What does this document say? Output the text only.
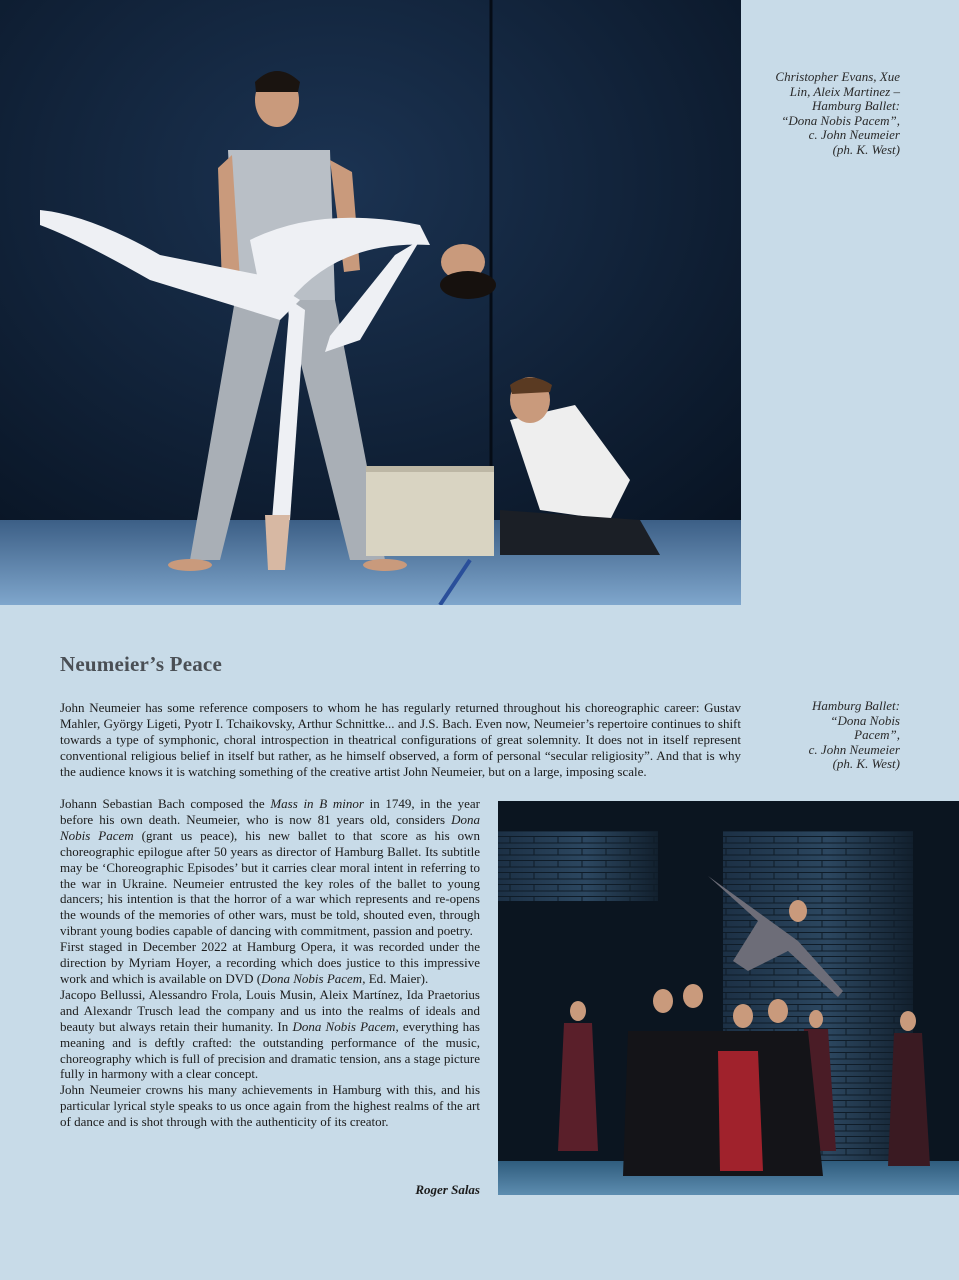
Christopher Evans, Xue
Lin, Aleix Martinez –
Hamburg Ballet:
“Dona Nobis Pacem”,
c. John Neumeier
(ph. K. West)
Neumeier’s Peace
Hamburg Ballet:
“Dona Nobis
Pacem”,
c. John Neumeier
(ph. K. West)

John Neumeier has some reference composers to whom he has regularly returned throughout his choreographic career: Gustav Mahler, György Ligeti, Pyotr I. Tchaikovsky, Arthur Schnittke... and J.S. Bach. Even now, Neumeier’s repertoire continues to shift towards a type of symphonic, choral introspection in theatrical configurations of great solemnity. It does not in itself represent conventional religious belief in itself but rather, as he himself observed, a form of personal “secular religiosity”. And that is why the audience knows it is watching something of the creative artist John Neumeier, but on a large, imposing scale.

Johann Sebastian Bach composed the Mass in B minor in 1749, in the year before his own death. Neumeier, who is now 81 years old, considers Dona Nobis Pacem (grant us peace), his new ballet to that score as his own choreographic epilogue after 50 years as director of Hamburg Ballet. Its subtitle may be ‘Choreographic Episodes’ but it carries clear moral intent in referring to the war in Ukraine. Neumeier entrusted the key roles of the ballet to young dancers; his intention is that the horror of a war which represents and re-opens the wounds of the memories of other wars, must be told, shouted even, through vibrant young bodies capable of dancing with commitment, passion and poetry.

First staged in December 2022 at Hamburg Opera, it was recorded under the direction by Myriam Hoyer, a recording which does justice to this impressive work and which is available on DVD (Dona Nobis Pacem, Ed. Maier).

Jacopo Bellussi, Alessandro Frola, Louis Musin, Aleix Martínez, Ida Praetorius and Alexandr Trusch lead the company and us into the realms of ideals and beauty but always retain their humanity. In Dona Nobis Pacem, everything has meaning and is deftly crafted: the outstanding performance of the music, choreography which is full of precision and dramatic tension, ans a stage picture fully in harmony with a clear concept.

John Neumeier crowns his many achievements in Hamburg with this, and his particular lyrical style speaks to us once again from the highest realms of the art of dance and is shot through with the authenticity of its creator.

Roger Salas
